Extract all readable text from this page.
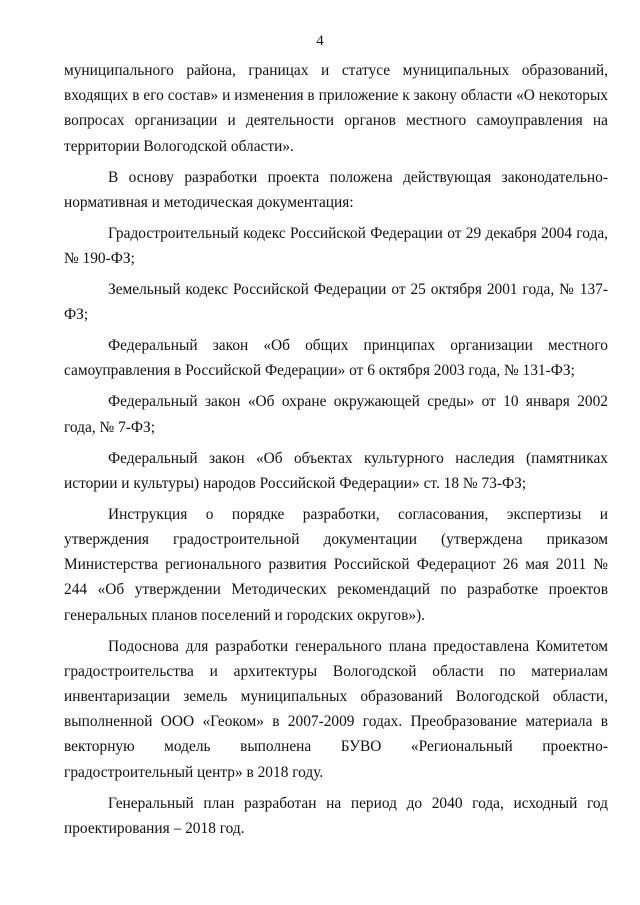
4

муниципального района, границах и статусе муниципальных образований, входящих в его состав» и изменения в приложение к закону области «О некоторых вопросах организации и деятельности органов местного самоуправления на территории Вологодской области».

В основу разработки проекта положена действующая законодательно-нормативная и методическая документация:

Градостроительный кодекс Российской Федерации от 29 декабря 2004 года, № 190-ФЗ;

Земельный кодекс Российской Федерации от 25 октября 2001 года, № 137-ФЗ;

Федеральный закон «Об общих принципах организации местного самоуправления в Российской Федерации» от 6 октября 2003 года, № 131-ФЗ;

Федеральный закон «Об охране окружающей среды» от 10 января 2002 года, № 7-ФЗ;

Федеральный закон «Об объектах культурного наследия (памятниках истории и культуры) народов Российской Федерации» ст. 18 № 73-ФЗ;

Инструкция о порядке разработки, согласования, экспертизы и утверждения градостроительной документации (утверждена приказом Министерства регионального развития Российской Федерациoт 26 мая 2011 № 244 «Об утверждении Методических рекомендаций по разработке проектов генеральных планов поселений и городских округов»).

Подоснова для разработки генерального плана предоставлена Комитетом градостроительства и архитектуры Вологодской области по материалам инвентаризации земель муниципальных образований Вологодской области, выполненной ООО «Геоком» в 2007-2009 годах. Преобразование материала в векторную модель выполнена БУВО «Региональный проектно-градостроительный центр» в 2018 году.

Генеральный план разработан на период до 2040 года, исходный год проектирования – 2018 год.
